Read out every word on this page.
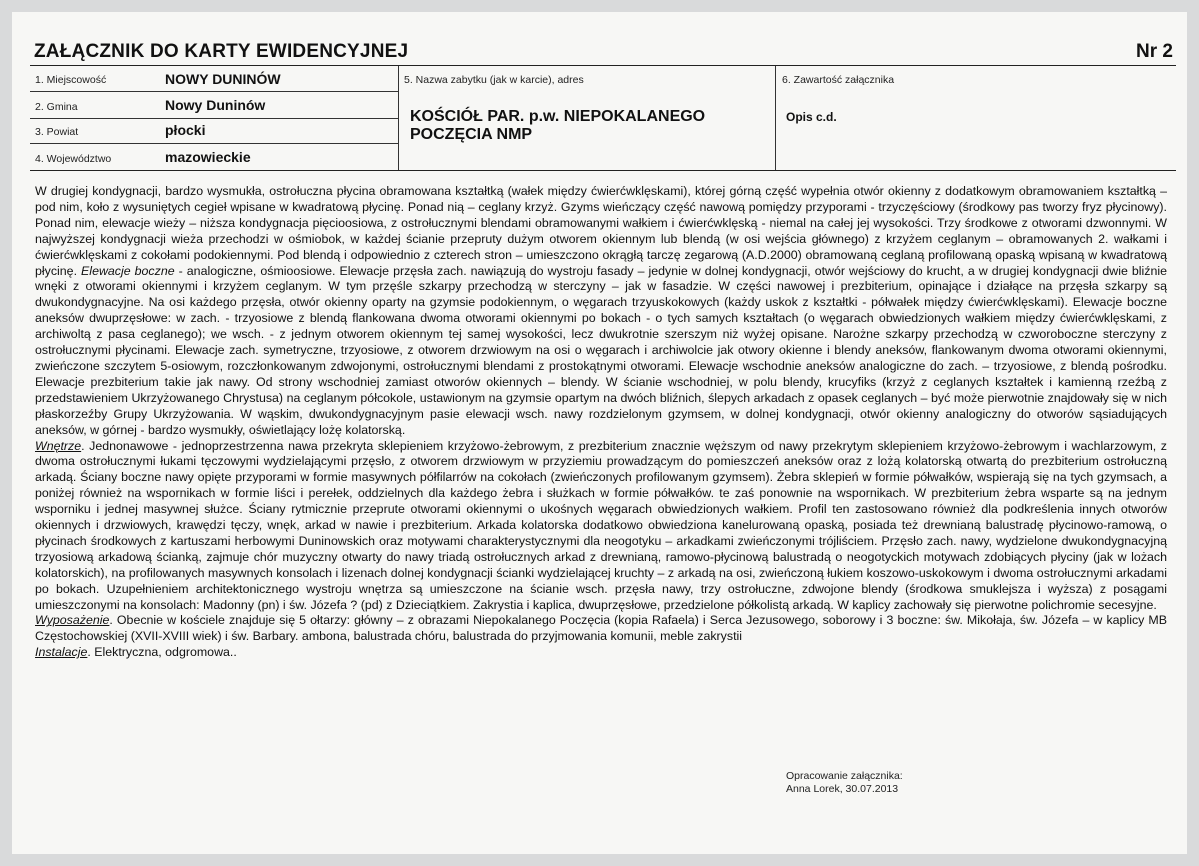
ZAŁĄCZNIK DO KARTY EWIDENCYJNEJ	Nr 2
1. Miejscowość	NOWY DUNINÓW
2. Gmina	Nowy Duninów
3. Powiat	płocki
4. Województwo	mazowieckie
5. Nazwa zabytku (jak w karcie), adres
KOŚCIÓŁ PAR. p.w. NIEPOKALANEGO POCZĘCIA NMP
6. Zawartość załącznika
Opis c.d.

W drugiej kondygnacji, bardzo wysmukła, ostrołuczna płycina obramowana kształtką (wałek między ćwierćwklęskami), której górną część wypełnia otwór okienny z dodatkowym obramowaniem kształtką – pod nim, koło z wysuniętych cegieł wpisane w kwadratową płycinę. Ponad nią – ceglany krzyż. Gzyms wieńczący część nawową pomiędzy przyporami - trzyczęściowy (środkowy pas tworzy fryz płycinowy). Ponad nim, elewacje wieży – niższa kondygnacja pięcioosiowa, z ostrołucznymi blendami obramowanymi wałkiem i ćwierćwklęską - niemal na całej jej wysokości. Trzy środkowe z otworami dzwonnymi. W najwyższej kondygnacji wieża przechodzi w ośmiobok, w każdej ścianie przepruty dużym otworem okiennym lub blendą (w osi wejścia głównego) z krzyżem ceglanym – obramowanych 2. wałkami i ćwierćwklęskami z cokołami podokiennymi. Pod blendą i odpowiednio z czterech stron – umieszczono okrągłą tarczę zegarową (A.D.2000) obramowaną ceglaną profilowaną opaską wpisaną w kwadratową płycinę. Elewacje boczne - analogiczne, ośmioosiowe. Elewacje przęsła zach. nawiązują do wystroju fasady – jedynie w dolnej kondygnacji, otwór wejściowy do krucht, a w drugiej kondygnacji dwie bliźnie wnęki z otworami okiennymi i krzyżem ceglanym. W tym przęśle szkarpy przechodzą w sterczyny – jak w fasadzie. W części nawowej i prezbiterium, opinające i działące na przęsła szkarpy są dwukondygnacyjne. Na osi każdego przęsła, otwór okienny oparty na gzymsie podokiennym, o węgarach trzyuskokowych (każdy uskok z kształtki - półwałek między ćwierćwklęskami). Elewacje boczne aneksów dwuprzęsłowe: w zach. - trzyosiowe z blendą flankowana dwoma otworami okiennymi po bokach - o tych samych kształtach (o węgarach obwiedzionych wałkiem między ćwierćwklęskami, z archiwoltą z pasa ceglanego); we wsch. - z jednym otworem okiennym tej samej wysokości, lecz dwukrotnie szerszym niż wyżej opisane. Narożne szkarpy przechodzą w czworoboczne sterczyny z ostrołucznymi płycinami. Elewacje zach. symetryczne, trzyosiowe, z otworem drzwiowym na osi o węgarach i archiwolcie jak otwory okienne i blendy aneksów, flankowanym dwoma otworami okiennymi, zwieńczone szczytem 5-osiowym, rozczłonkowanym zdwojonymi, ostrołucznymi blendami z prostokątnymi otworami. Elewacje wschodnie aneksów analogiczne do zach. – trzyosiowe, z blendą pośrodku. Elewacje prezbiterium takie jak nawy. Od strony wschodniej zamiast otworów okiennych – blendy. W ścianie wschodniej, w polu blendy, krucyfiks (krzyż z ceglanych kształtek i kamienną rzeźbą z przedstawieniem Ukrzyżowanego Chrystusa) na ceglanym półcokole, ustawionym na gzymsie opartym na dwóch bliźnich, ślepych arkadach z opasek ceglanych – być może pierwotnie znajdowały się w nich płaskorzeźby Grupy Ukrzyżowania. W wąskim, dwukondygnacyjnym pasie elewacji wsch. nawy rozdzielonym gzymsem, w dolnej kondygnacji, otwór okienny analogiczny do otworów sąsiadujących aneksów, w górnej - bardzo wysmukły, oświetlający lożę kolatorską.

Wnętrze. Jednonawowe - jednoprzestrzenna nawa przekryta sklepieniem krzyżowo-żebrowym, z prezbiterium znacznie węższym od nawy przekrytym sklepieniem krzyżowo-żebrowym i wachlarzowym, z dwoma ostrołucznymi łukami tęczowymi wydzielającymi przęsło, z otworem drzwiowym w przyziemiu prowadzącym do pomieszczeń aneksów oraz z lożą kolatorską otwartą do prezbiterium ostrołuczną arkadą. Ściany boczne nawy opięte przyporami w formie masywnych półfilarrów na cokołach (zwieńczonych profilowanym gzymsem). Żebra sklepień w formie półwałków, wspierają się na tych gzymsach, a poniżej również na wspornikach w formie liści i perełek, oddzielnych dla każdego żebra i służkach w formie półwałków. te zaś ponownie na wspornikach. W prezbiterium żebra wsparte są na jednym wsporniku i jednej masywnej służce. Ściany rytmicznie przeprute otworami okiennymi o ukośnych węgarach obwiedzionych wałkiem. Profil ten zastosowano również dla podkreślenia innych otworów okiennych i drzwiowych, krawędzi tęczy, wnęk, arkad w nawie i prezbiterium. Arkada kolatorska dodatkowo obwiedziona kanelurowaną opaską, posiada też drewnianą balustradę płycinowo-ramową, o płycinach środkowych z kartuszami herbowymi Duninowskich oraz motywami charakterystycznymi dla neogotyku – arkadkami zwieńczonymi trójliściem. Przęsło zach. nawy, wydzielone dwukondygnacyjną trzyosiową arkadową ścianką, zajmuje chór muzyczny otwarty do nawy triadą ostrołucznych arkad z drewnianą, ramowo-płycinową balustradą o neogotyckich motywach zdobiących płyciny (jak w lożach kolatorskich), na profilowanych masywnych konsolach i lizenach dolnej kondygnacji ścianki wydzielającej kruchty – z arkadą na osi, zwieńczoną łukiem koszowo-uskokowym i dwoma ostrołucznymi arkadami po bokach. Uzupełnieniem architektonicznego wystroju wnętrza są umieszczone na ścianie wsch. przęsła nawy, trzy ostrołuczne, zdwojone blendy (środkowa smuklejsza i wyższa) z posągami umieszczonymi na konsolach: Madonny (pn) i św. Józefa ? (pd) z Dzieciątkiem. Zakrystia i kaplica, dwuprzęsłowe, przedzielone półkolistą arkadą. W kaplicy zachowały się pierwotne polichromie secesyjne.

Wyposażenie. Obecnie w kościele znajduje się 5 ołtarzy: główny – z obrazami Niepokalanego Poczęcia (kopia Rafaela) i Serca Jezusowego, soborowy i 3 boczne: św. Mikołaja, św. Józefa – w kaplicy MB Częstochowskiej (XVII-XVIII wiek) i św. Barbary. ambona, balustrada chóru, balustrada do przyjmowania komunii, meble zakrystii

Instalacje. Elektryczna, odgromowa..

Opracowanie załącznika:
Anna Lorek, 30.07.2013
